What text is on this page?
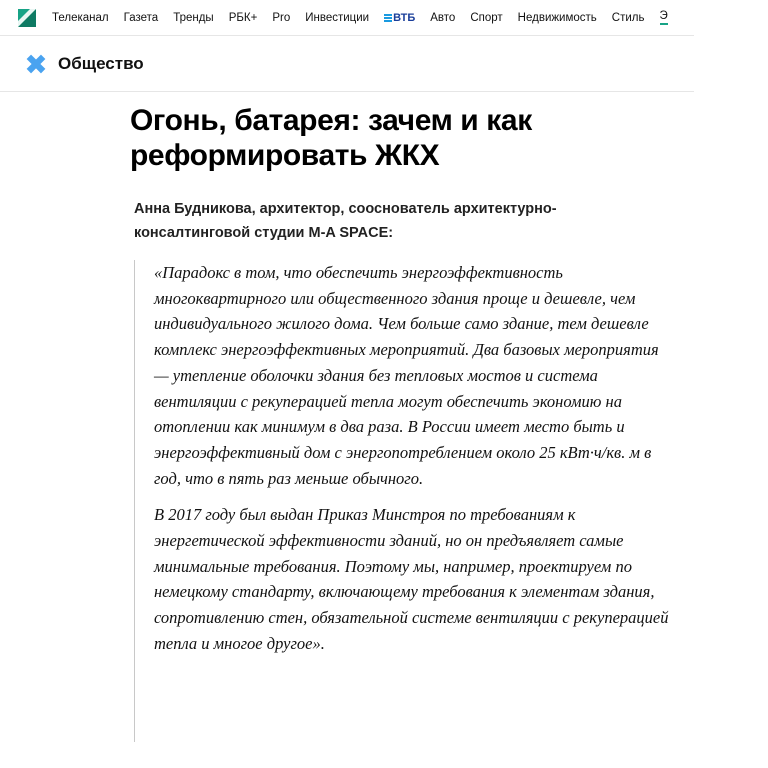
Телеканал Газета Тренды РБК+ Pro Инвестиции ВТБ Авто Спорт Недвижимость Стиль Э
Общество
Огонь, батарея: зачем и как
реформировать ЖКХ
Анна Будникова, архитектор, сооснователь архитектурно-
консалтинговой студии M-A SPACE:

«Парадокс в том, что обеспечить энергоэффективность многоквартирного или общественного здания проще и дешевле, чем индивидуального жилого дома. Чем больше само здание, тем дешевле комплекс энергоэффективных мероприятий. Два базовых мероприятия — утепление оболочки здания без тепловых мостов и система вентиляции с рекуперацией тепла могут обеспечить экономию на отоплении как минимум в два раза. В России имеет место быть и энергоэффективный дом с энергопотреблением около 25 кВт·ч/кв. м в год, что в пять раз меньше обычного.

В 2017 году был выдан Приказ Минстроя по требованиям к энергетической эффективности зданий, но он предъявляет самые минимальные требования. Поэтому мы, например, проектируем по немецкому стандарту, включающему требования к элементам здания, сопротивлению стен, обязательной системе вентиляции с рекуперацией тепла и многое другое».
